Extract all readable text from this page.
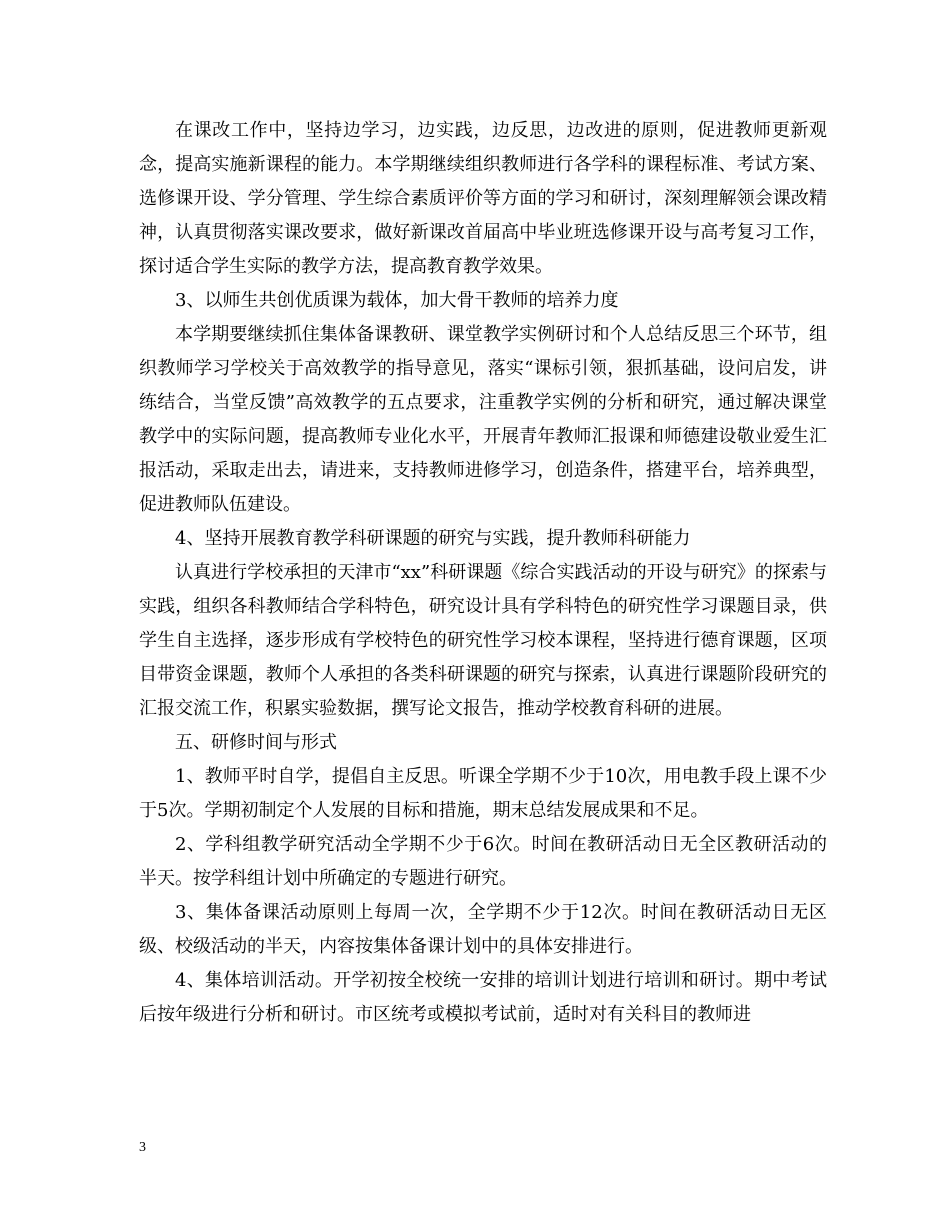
在课改工作中，坚持边学习，边实践，边反思，边改进的原则，促进教师更新观念，提高实施新课程的能力。本学期继续组织教师进行各学科的课程标准、考试方案、选修课开设、学分管理、学生综合素质评价等方面的学习和研讨，深刻理解领会课改精神，认真贯彻落实课改要求，做好新课改首届高中毕业班选修课开设与高考复习工作，探讨适合学生实际的教学方法，提高教育教学效果。

3、以师生共创优质课为载体，加大骨干教师的培养力度

本学期要继续抓住集体备课教研、课堂教学实例研讨和个人总结反思三个环节，组织教师学习学校关于高效教学的指导意见，落实“课标引领，狠抓基础，设问启发，讲练结合，当堂反馈”高效教学的五点要求，注重教学实例的分析和研究，通过解决课堂教学中的实际问题，提高教师专业化水平，开展青年教师汇报课和师德建设敬业爱生汇报活动，采取走出去，请进来，支持教师进修学习，创造条件，搭建平台，培养典型，促进教师队伍建设。

4、坚持开展教育教学科研课题的研究与实践，提升教师科研能力

认真进行学校承担的天津市“xx”科研课题《综合实践活动的开设与研究》的探索与实践，组织各科教师结合学科特色，研究设计具有学科特色的研究性学习课题目录，供学生自主选择，逐步形成有学校特色的研究性学习校本课程，坚持进行德育课题，区项目带资金课题，教师个人承担的各类科研课题的研究与探索，认真进行课题阶段研究的汇报交流工作，积累实验数据，撰写论文报告，推动学校教育科研的进展。

五、研修时间与形式

1、教师平时自学，提倡自主反思。听课全学期不少于10次，用电教手段上课不少于5次。学期初制定个人发展的目标和措施，期末总结发展成果和不足。

2、学科组教学研究活动全学期不少于6次。时间在教研活动日无全区教研活动的半天。按学科组计划中所确定的专题进行研究。

3、集体备课活动原则上每周一次，全学期不少于12次。时间在教研活动日无区级、校级活动的半天，内容按集体备课计划中的具体安排进行。

4、集体培训活动。开学初按全校统一安排的培训计划进行培训和研讨。期中考试后按年级进行分析和研讨。市区统考或模拟考试前，适时对有关科目的教师进

3
